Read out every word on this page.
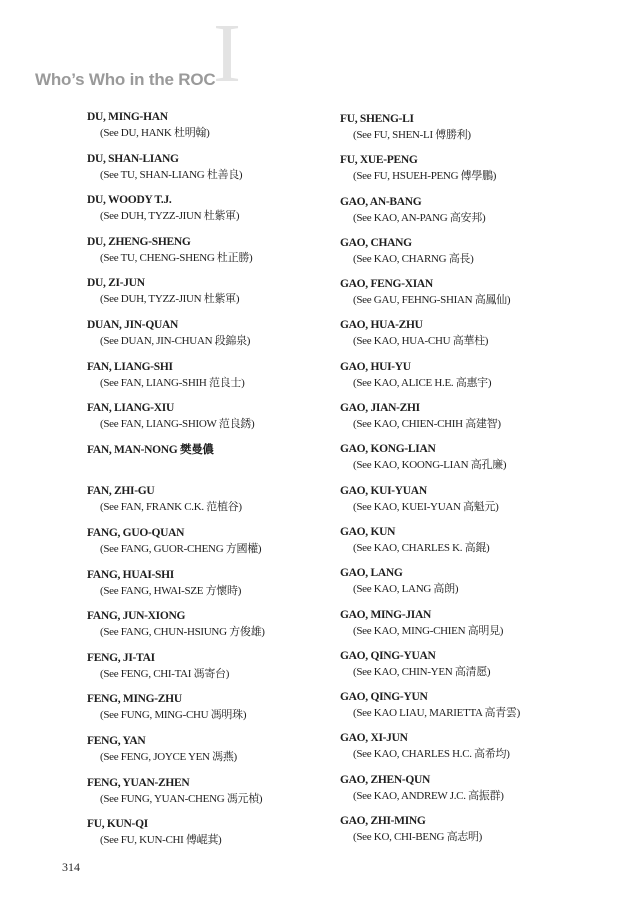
I
Who’s Who in the ROC
DU, MING-HAN
(See DU, HANK 杜明翰)
DU, SHAN-LIANG
(See TU, SHAN-LIANG 杜善良)
DU, WOODY T.J.
(See DUH, TYZZ-JIUN 杜紫軍)
DU, ZHENG-SHENG
(See TU, CHENG-SHENG 杜正勝)
DU, ZI-JUN
(See DUH, TYZZ-JIUN 杜紫軍)
DUAN, JIN-QUAN
(See DUAN, JIN-CHUAN 段錦泉)
FAN, LIANG-SHI
(See FAN, LIANG-SHIH 范良士)
FAN, LIANG-XIU
(See FAN, LIANG-SHIOW 范良銹)
FAN, MAN-NONG 樊曼儂
FAN, ZHI-GU
(See FAN, FRANK C.K. 范植谷)
FANG, GUO-QUAN
(See FANG, GUOR-CHENG 方國權)
FANG, HUAI-SHI
(See FANG, HWAI-SZE 方懷時)
FANG, JUN-XIONG
(See FANG, CHUN-HSIUNG 方俊雄)
FENG, JI-TAI
(See FENG, CHI-TAI 馮寄台)
FENG, MING-ZHU
(See FUNG, MING-CHU 馮明珠)
FENG, YAN
(See FENG, JOYCE YEN 馮燕)
FENG, YUAN-ZHEN
(See FUNG, YUAN-CHENG 馮元楨)
FU, KUN-QI
(See FU, KUN-CHI 傅崐萁)
FU, SHENG-LI
(See FU, SHEN-LI 傅勝利)
FU, XUE-PENG
(See FU, HSUEH-PENG 傅學鵬)
GAO, AN-BANG
(See KAO, AN-PANG 高安邦)
GAO, CHANG
(See KAO, CHARNG 高長)
GAO, FENG-XIAN
(See GAU, FEHNG-SHIAN 高鳳仙)
GAO, HUA-ZHU
(See KAO, HUA-CHU 高華柱)
GAO, HUI-YU
(See KAO, ALICE H.E. 高惠宇)
GAO, JIAN-ZHI
(See KAO, CHIEN-CHIH 高建智)
GAO, KONG-LIAN
(See KAO, KOONG-LIAN 高孔廉)
GAO, KUI-YUAN
(See KAO, KUEI-YUAN 高魁元)
GAO, KUN
(See KAO, CHARLES K. 高錕)
GAO, LANG
(See KAO, LANG 高朗)
GAO, MING-JIAN
(See KAO, MING-CHIEN 高明見)
GAO, QING-YUAN
(See KAO, CHIN-YEN 高清愿)
GAO, QING-YUN
(See KAO LIAU, MARIETTA 高青雲)
GAO, XI-JUN
(See KAO, CHARLES H.C. 高希均)
GAO, ZHEN-QUN
(See KAO, ANDREW J.C. 高振群)
GAO, ZHI-MING
(See KO, CHI-BENG 高志明)
314
